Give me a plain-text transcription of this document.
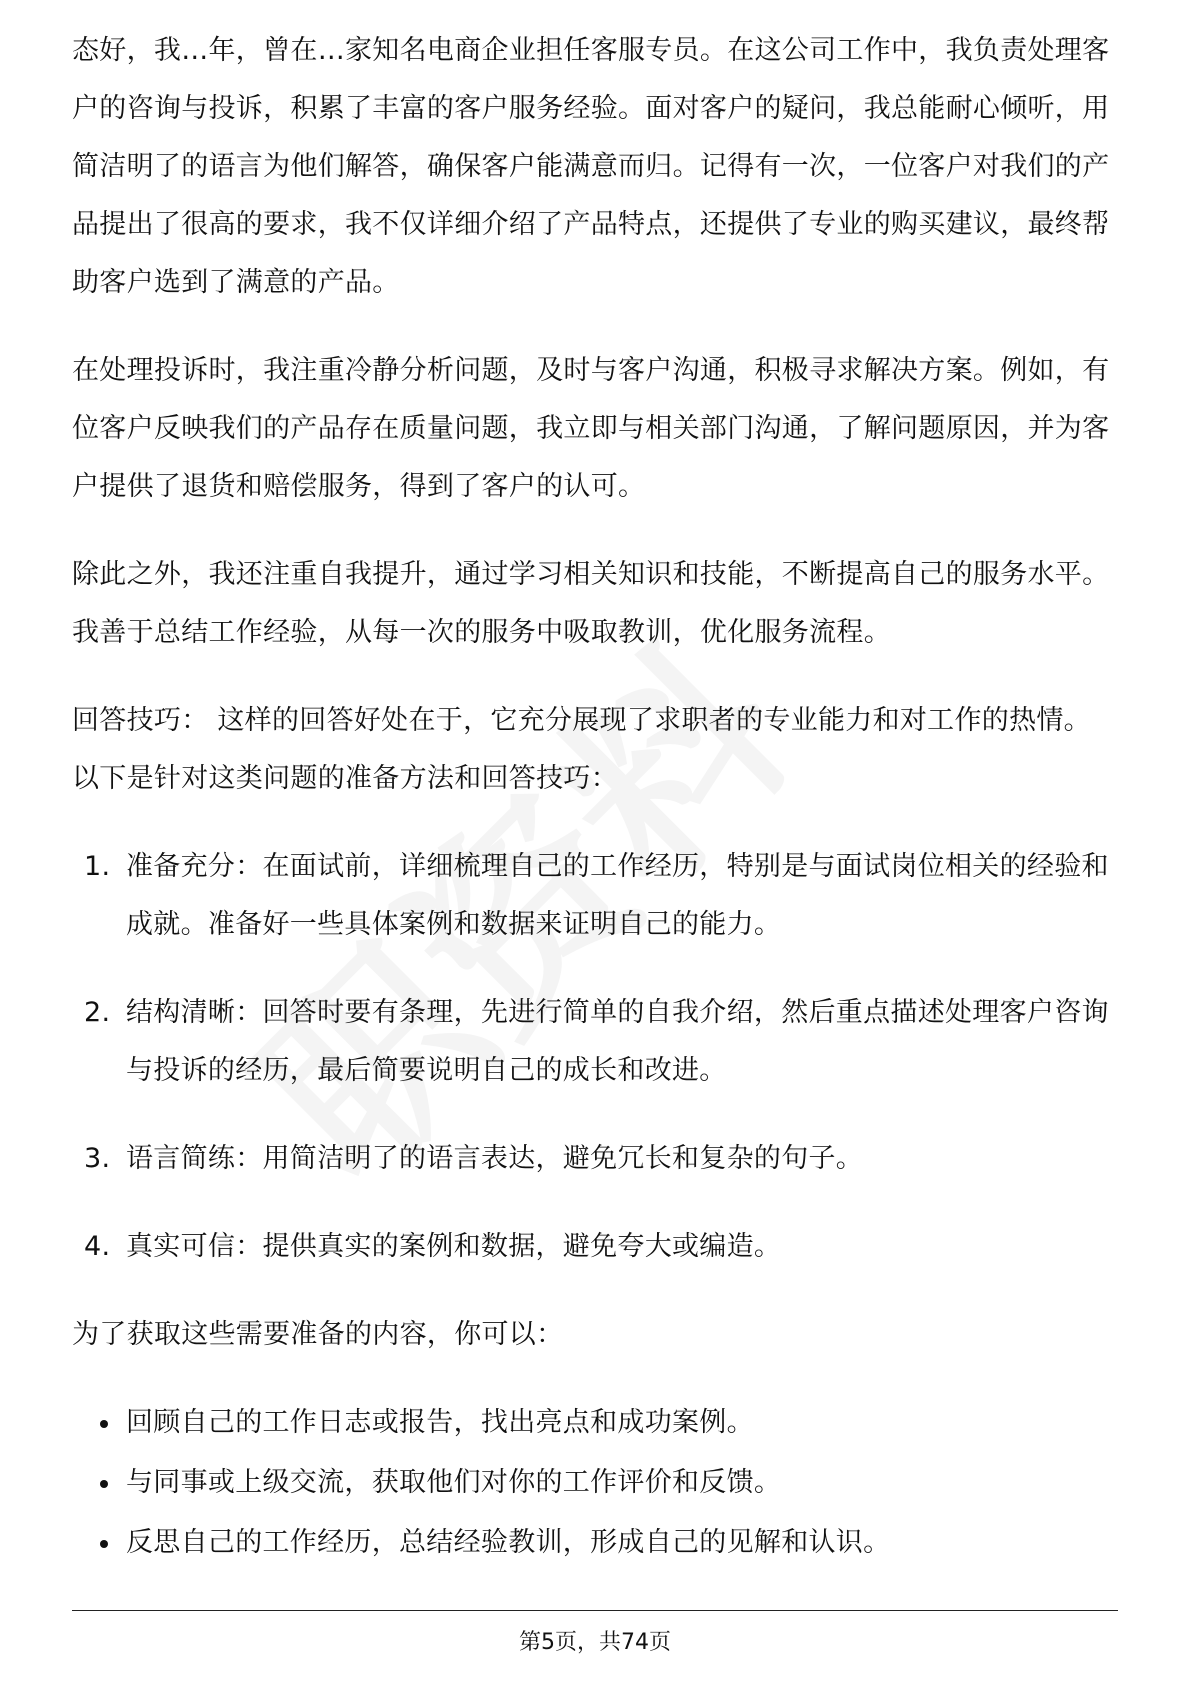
态好，我…年，曾在…家知名电商企业担任客服专员。在这公司工作中，我负责处理客户的咨询与投诉，积累了丰富的客户服务经验。面对客户的疑问，我总能耐心倾听，用简洁明了的语言为他们解答，确保客户能满意而归。记得有一次，一位客户对我们的产品提出了很高的要求，我不仅详细介绍了产品特点，还提供了专业的购买建议，最终帮助客户选到了满意的产品。

在处理投诉时，我注重冷静分析问题，及时与客户沟通，积极寻求解决方案。例如，有位客户反映我们的产品存在质量问题，我立即与相关部门沟通，了解问题原因，并为客户提供了退货和赔偿服务，得到了客户的认可。

除此之外，我还注重自我提升，通过学习相关知识和技能，不断提高自己的服务水平。我善于总结工作经验，从每一次的服务中吸取教训，优化服务流程。

回答技巧： 这样的回答好处在于，它充分展现了求职者的专业能力和对工作的热情。以下是针对这类问题的准备方法和回答技巧：

1. 准备充分：在面试前，详细梳理自己的工作经历，特别是与面试岗位相关的经验和成就。准备好一些具体案例和数据来证明自己的能力。
2. 结构清晰：回答时要有条理，先进行简单的自我介绍，然后重点描述处理客户咨询与投诉的经历，最后简要说明自己的成长和改进。
3. 语言简练：用简洁明了的语言表达，避免冗长和复杂的句子。
4. 真实可信：提供真实的案例和数据，避免夸大或编造。

为了获取这些需要准备的内容，你可以：

回顾自己的工作日志或报告，找出亮点和成功案例。
与同事或上级交流，获取他们对你的工作评价和反馈。
反思自己的工作经历，总结经验教训，形成自己的见解和认识。
第5页，共74页
